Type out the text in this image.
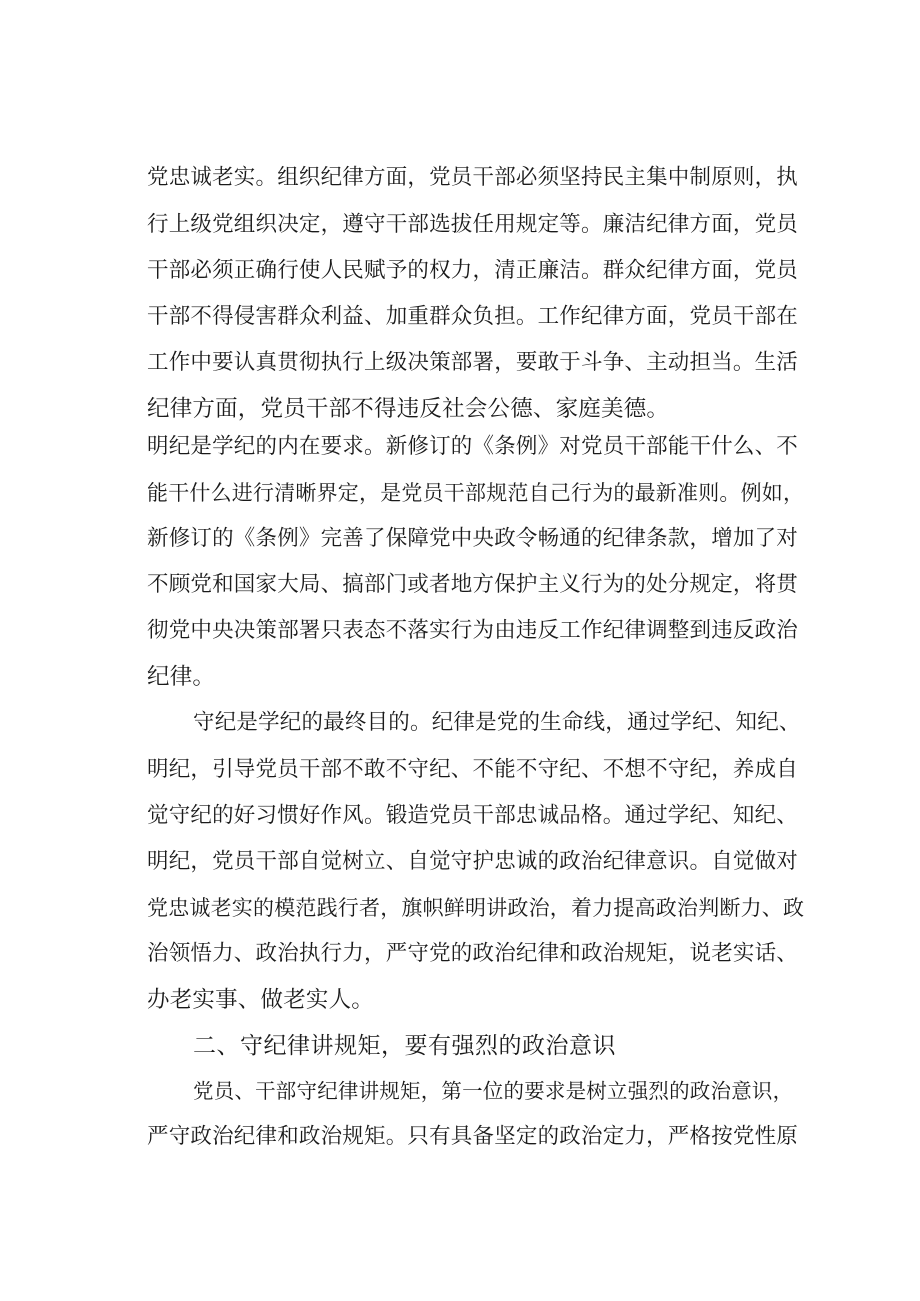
党忠诚老实。组织纪律方面，党员干部必须坚持民主集中制原则，执
行上级党组织决定，遵守干部选拔任用规定等。廉洁纪律方面，党员
干部必须正确行使人民赋予的权力，清正廉洁。群众纪律方面，党员
干部不得侵害群众利益、加重群众负担。工作纪律方面，党员干部在
工作中要认真贯彻执行上级决策部署，要敢于斗争、主动担当。生活
纪律方面，党员干部不得违反社会公德、家庭美德。
明纪是学纪的内在要求。新修订的《条例》对党员干部能干什么、不
能干什么进行清晰界定，是党员干部规范自己行为的最新准则。例如，
新修订的《条例》完善了保障党中央政令畅通的纪律条款，增加了对
不顾党和国家大局、搞部门或者地方保护主义行为的处分规定，将贯
彻党中央决策部署只表态不落实行为由违反工作纪律调整到违反政治
纪律。
守纪是学纪的最终目的。纪律是党的生命线，通过学纪、知纪、
明纪，引导党员干部不敢不守纪、不能不守纪、不想不守纪，养成自
觉守纪的好习惯好作风。锻造党员干部忠诚品格。通过学纪、知纪、
明纪，党员干部自觉树立、自觉守护忠诚的政治纪律意识。自觉做对
党忠诚老实的模范践行者，旗帜鲜明讲政治，着力提高政治判断力、政
治领悟力、政治执行力，严守党的政治纪律和政治规矩，说老实话、
办老实事、做老实人。
二、守纪律讲规矩，要有强烈的政治意识
党员、干部守纪律讲规矩，第一位的要求是树立强烈的政治意识，
严守政治纪律和政治规矩。只有具备坚定的政治定力，严格按党性原
